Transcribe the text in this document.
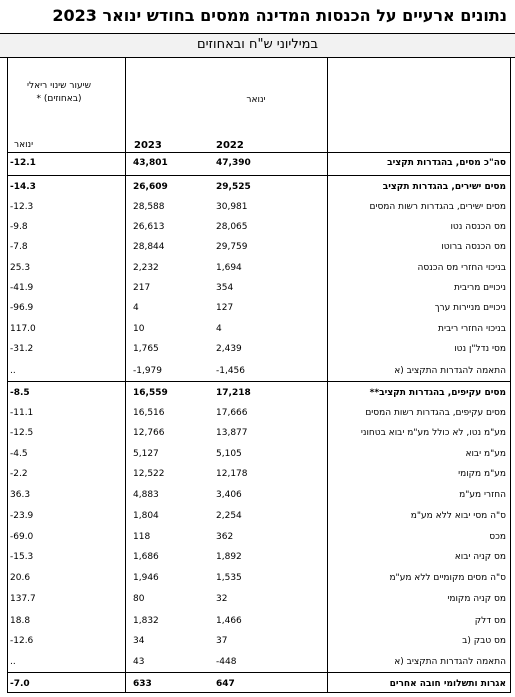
נתונים ארעיים על הכנסות המדינה ממסים בחודש ינואר 2023
במיליוני ש"ח ובאחוזים
שיעור שינוי ריאלי (באחוזים) *
ינואר
ינואר
2023	2022
-12.1	43,801	47,390	סה"כ מסים, בהגדרות תקציב
-14.3	26,609	29,525	מסים ישירים, בהגדרות תקציב
-12.3	28,588	30,981	מסים ישירים, בהגדרות רשות המסים
-9.8	26,613	28,065	מס הכנסה נטו
-7.8	28,844	29,759	מס הכנסה ברוטו
25.3	2,232	1,694	בניכוי החזרי מס הכנסה
-41.9	217	354	ניכויים מריבית
-96.9	4	127	ניכויים מניירות ערך
117.0	10	4	בניכוי החזרי ריבית
-31.2	1,765	2,439	מסי נדל"ן נטו
..	-1,979	-1,456	התאמה להגדרות התקציב (א
-8.5	16,559	17,218	מסים עקיפים, בהגדרות תקציב**
-11.1	16,516	17,666	מסים עקיפים, בהגדרות רשות המסים
-12.5	12,766	13,877	מע"מ נטו, לא כולל מע"מ יבוא בטחוני
-4.5	5,127	5,105	מע"מ יבוא
-2.2	12,522	12,178	מע"מ מקומי
36.3	4,883	3,406	החזרי מע"מ
-23.9	1,804	2,254	ס"ה מסי יבוא ללא מע"מ
-69.0	118	362	מכס
-15.3	1,686	1,892	מס קניה יבוא
20.6	1,946	1,535	ס"ה מסים מקומיים ללא מע"מ
137.7	80	32	מס קניה מקומי
18.8	1,832	1,466	מס דלק
-12.6	34	37	מס טבק (ב
..	43	-448	התאמה להגדרות התקציב (א
-7.0	633	647	אגרות ותשלומי חובה אחרים
